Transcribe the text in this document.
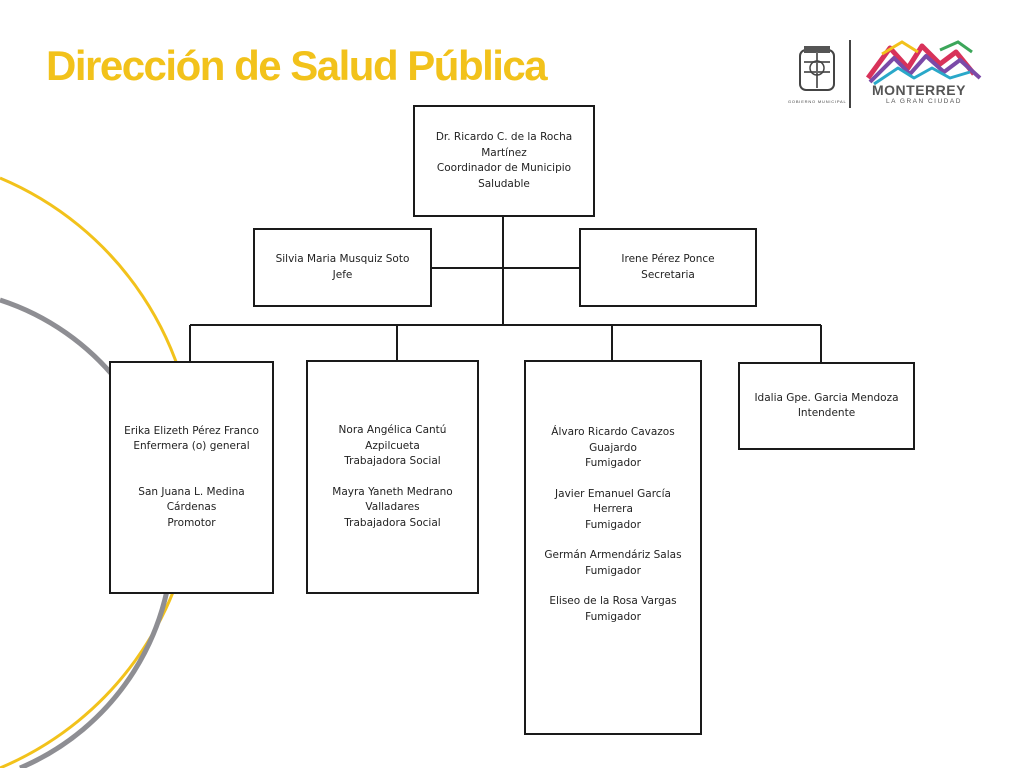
Dirección de Salud Pública
GOBIERNO MUNICIPAL
MONTERREY
LA GRAN CIUDAD
Dr. Ricardo C. de la Rocha
Martínez
Coordinador de Municipio
Saludable
Silvia Maria Musquiz Soto
Jefe
Irene Pérez Ponce
Secretaria
Erika Elizeth Pérez Franco
Enfermera (o) general
San Juana L. Medina
Cárdenas
Promotor
Nora Angélica Cantú
Azpilcueta
Trabajadora Social
Mayra Yaneth Medrano
Valladares
Trabajadora Social
Álvaro Ricardo Cavazos
Guajardo
Fumigador
Javier Emanuel García
Herrera
Fumigador
Germán Armendáriz Salas
Fumigador
Eliseo de la Rosa Vargas
Fumigador
Idalia Gpe. Garcia Mendoza
Intendente
